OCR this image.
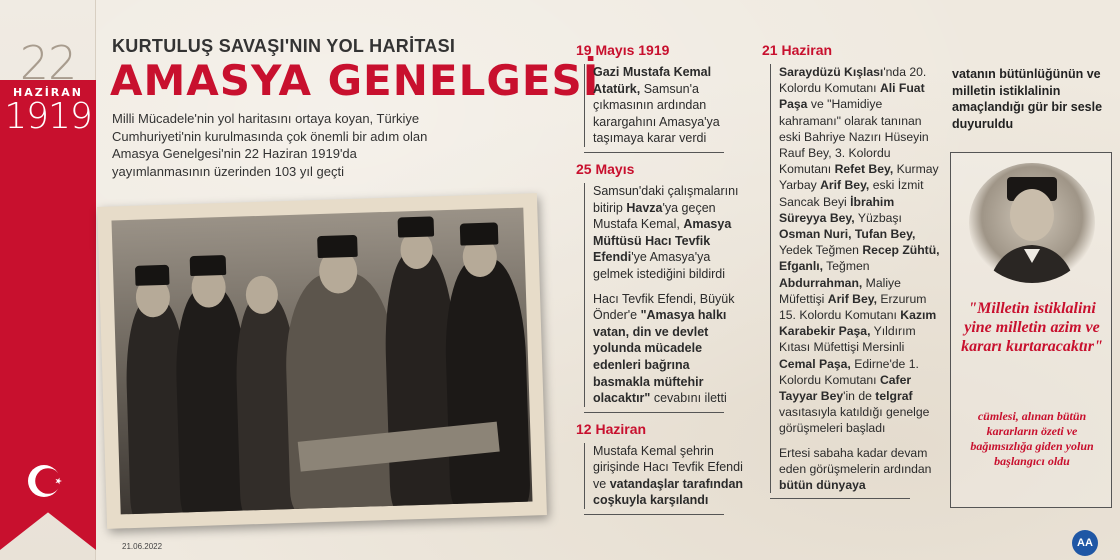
22
HAZİRAN
1919
KURTULUŞ SAVAŞI'NIN YOL HARİTASI
AMASYA GENELGESİ
Milli Mücadele'nin yol haritasını ortaya koyan, Türkiye Cumhuriyeti'nin kurulmasında çok önemli bir adım olan Amasya Genelgesi'nin 22 Haziran 1919'da yayımlanmasının üzerinden 103 yıl geçti
19 Mayıs 1919

Gazi Mustafa Kemal Atatürk, Samsun'a çıkmasının ardından karargahını Amasya'ya taşımaya karar verdi

25 Mayıs

Samsun'daki çalışmalarını bitirip Havza'ya geçen Mustafa Kemal, Amasya Müftüsü Hacı Tevfik Efendi'ye Amasya'ya gelmek istediğini bildirdi

Hacı Tevfik Efendi, Büyük Önder'e "Amasya halkı vatan, din ve devlet yolunda mücadele edenleri bağrına basmakla müftehir olacaktır" cevabını iletti

12 Haziran

Mustafa Kemal şehrin girişinde Hacı Tevfik Efendi ve vatandaşlar tarafından coşkuyla karşılandı

21 Haziran

Saraydüzü Kışlası'nda 20. Kolordu Komutanı Ali Fuat Paşa ve "Hamidiye kahramanı" olarak tanınan eski Bahriye Nazırı Hüseyin Rauf Bey, 3. Kolordu Komutanı Refet Bey, Kurmay Yarbay Arif Bey, eski İzmit Sancak Beyi İbrahim Süreyya Bey, Yüzbaşı Osman Nuri, Tufan Bey, Yedek Teğmen Recep Zühtü, Efganlı, Teğmen Abdurrahman, Maliye Müfettişi Arif Bey, Erzurum 15. Kolordu Komutanı Kazım Karabekir Paşa, Yıldırım Kıtası Müfettişi Mersinli Cemal Paşa, Edirne'de 1. Kolordu Komutanı Cafer Tayyar Bey'in de telgraf vasıtasıyla katıldığı genelge görüşmeleri başladı

Ertesi sabaha kadar devam eden görüşmelerin ardından bütün dünyaya

vatanın bütünlüğünün ve milletin istiklalinin amaçlandığı gür bir sesle duyuruldu
"Milletin istiklalini yine milletin azim ve kararı kurtaracaktır"
cümlesi, alınan bütün kararların özeti ve bağımsızlığa giden yolun başlangıcı oldu
21.06.2022	AA
